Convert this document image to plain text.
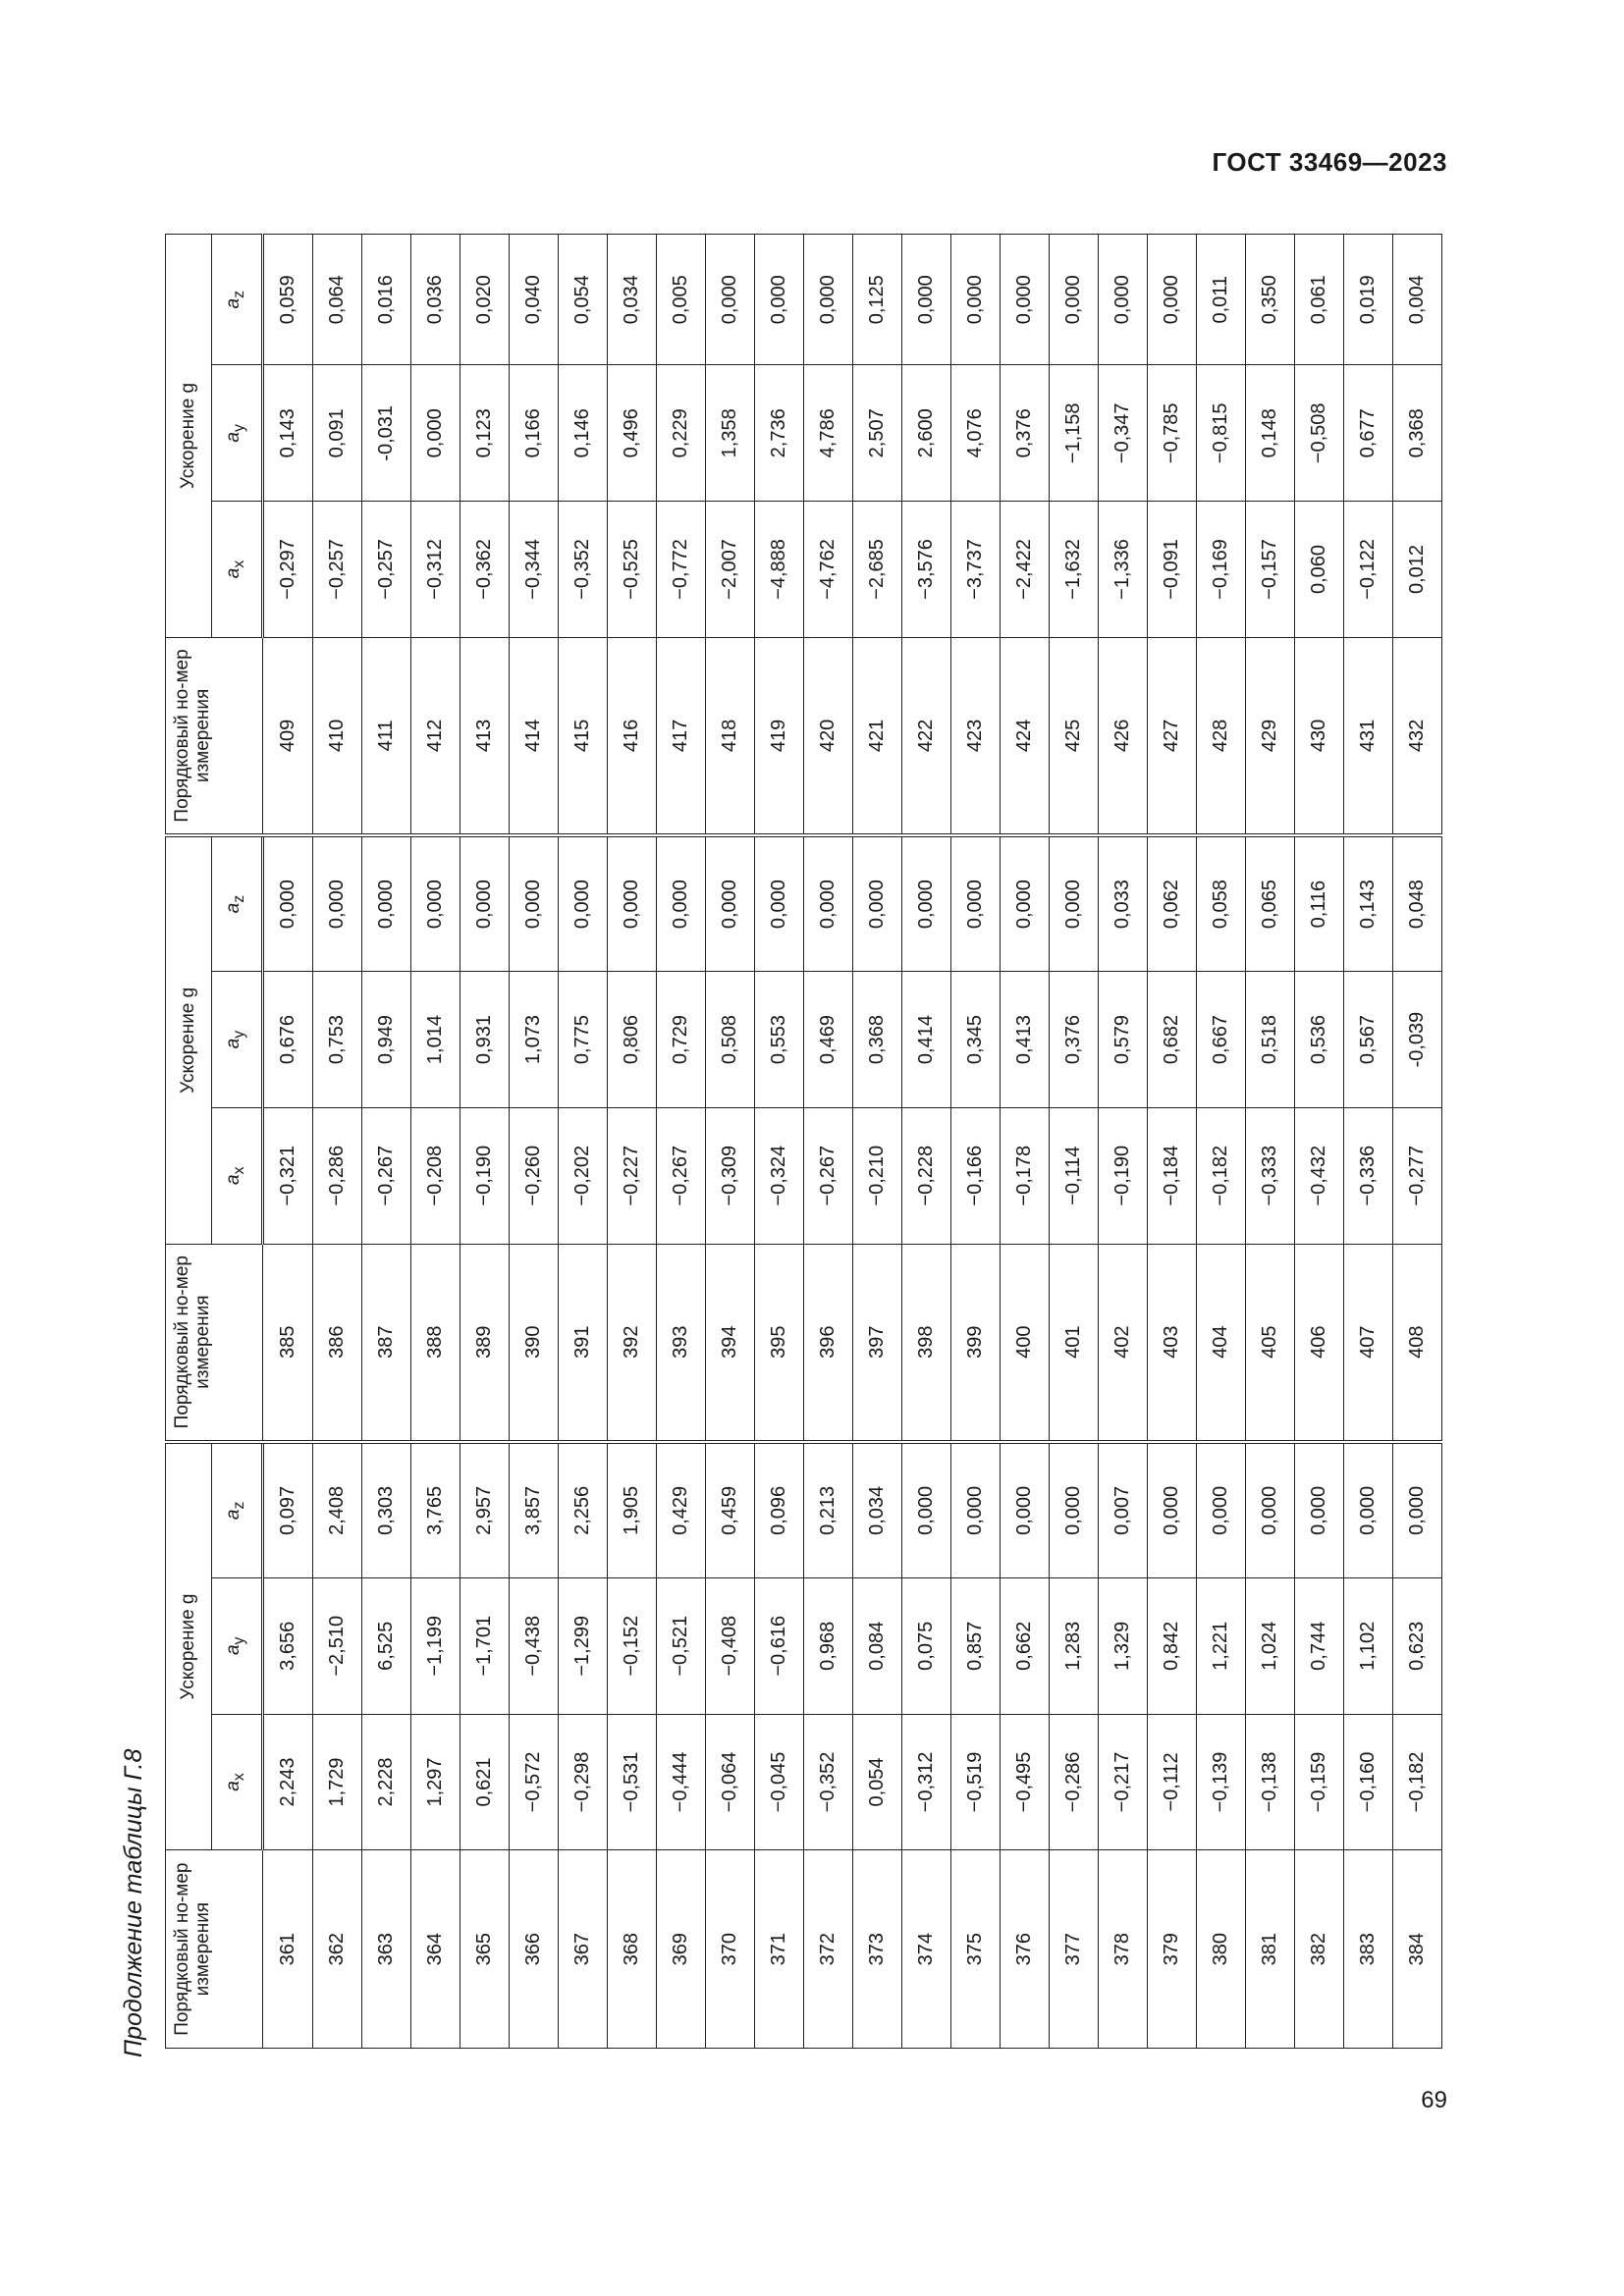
ГОСТ 33469—2023
Продолжение таблицы Г.8 Порядковый но-мер измерения	Ускорение g			Порядковый но-мер измерения	Ускорение g			Порядковый но-мер измерения	Ускорение g		
	$a_x$	$a_y$	$a_z$		$a_x$	$a_y$	$a_z$		$a_x$	$a_y$	$a_z$
361	2,243	3,656	0,097	385	−0,321	0,676	0,000	409	−0,297	0,143	0,059
362	1,729	−2,510	2,408	386	−0,286	0,753	0,000	410	−0,257	0,091	0,064
363	2,228	6,525	0,303	387	−0,267	0,949	0,000	411	−0,257	-0,031	0,016
364	1,297	−1,199	3,765	388	−0,208	1,014	0,000	412	−0,312	0,000	0,036
365	0,621	−1,701	2,957	389	−0,190	0,931	0,000	413	−0,362	0,123	0,020
366	−0,572	−0,438	3,857	390	−0,260	1,073	0,000	414	−0,344	0,166	0,040
367	−0,298	−1,299	2,256	391	−0,202	0,775	0,000	415	−0,352	0,146	0,054
368	−0,531	−0,152	1,905	392	−0,227	0,806	0,000	416	−0,525	0,496	0,034
369	−0,444	−0,521	0,429	393	−0,267	0,729	0,000	417	−0,772	0,229	0,005
370	−0,064	−0,408	0,459	394	−0,309	0,508	0,000	418	−2,007	1,358	0,000
371	−0,045	−0,616	0,096	395	−0,324	0,553	0,000	419	−4,888	2,736	0,000
372	−0,352	0,968	0,213	396	−0,267	0,469	0,000	420	−4,762	4,786	0,000
373	0,054	0,084	0,034	397	−0,210	0,368	0,000	421	−2,685	2,507	0,125
374	−0,312	0,075	0,000	398	−0,228	0,414	0,000	422	−3,576	2,600	0,000
375	−0,519	0,857	0,000	399	−0,166	0,345	0,000	423	−3,737	4,076	0,000
376	−0,495	0,662	0,000	400	−0,178	0,413	0,000	424	−2,422	0,376	0,000
377	−0,286	1,283	0,000	401	−0,114	0,376	0,000	425	−1,632	−1,158	0,000
378	−0,217	1,329	0,007	402	−0,190	0,579	0,033	426	−1,336	−0,347	0,000
379	−0,112	0,842	0,000	403	−0,184	0,682	0,062	427	−0,091	−0,785	0,000
380	−0,139	1,221	0,000	404	−0,182	0,667	0,058	428	−0,169	−0,815	0,011
381	−0,138	1,024	0,000	405	−0,333	0,518	0,065	429	−0,157	0,148	0,350
382	−0,159	0,744	0,000	406	−0,432	0,536	0,116	430	0,060	−0,508	0,061
383	−0,160	1,102	0,000	407	−0,336	0,567	0,143	431	−0,122	0,677	0,019
384	−0,182	0,623	0,000	408	−0,277	-0,039	0,048	432	0,012	0,368	0,004
69
